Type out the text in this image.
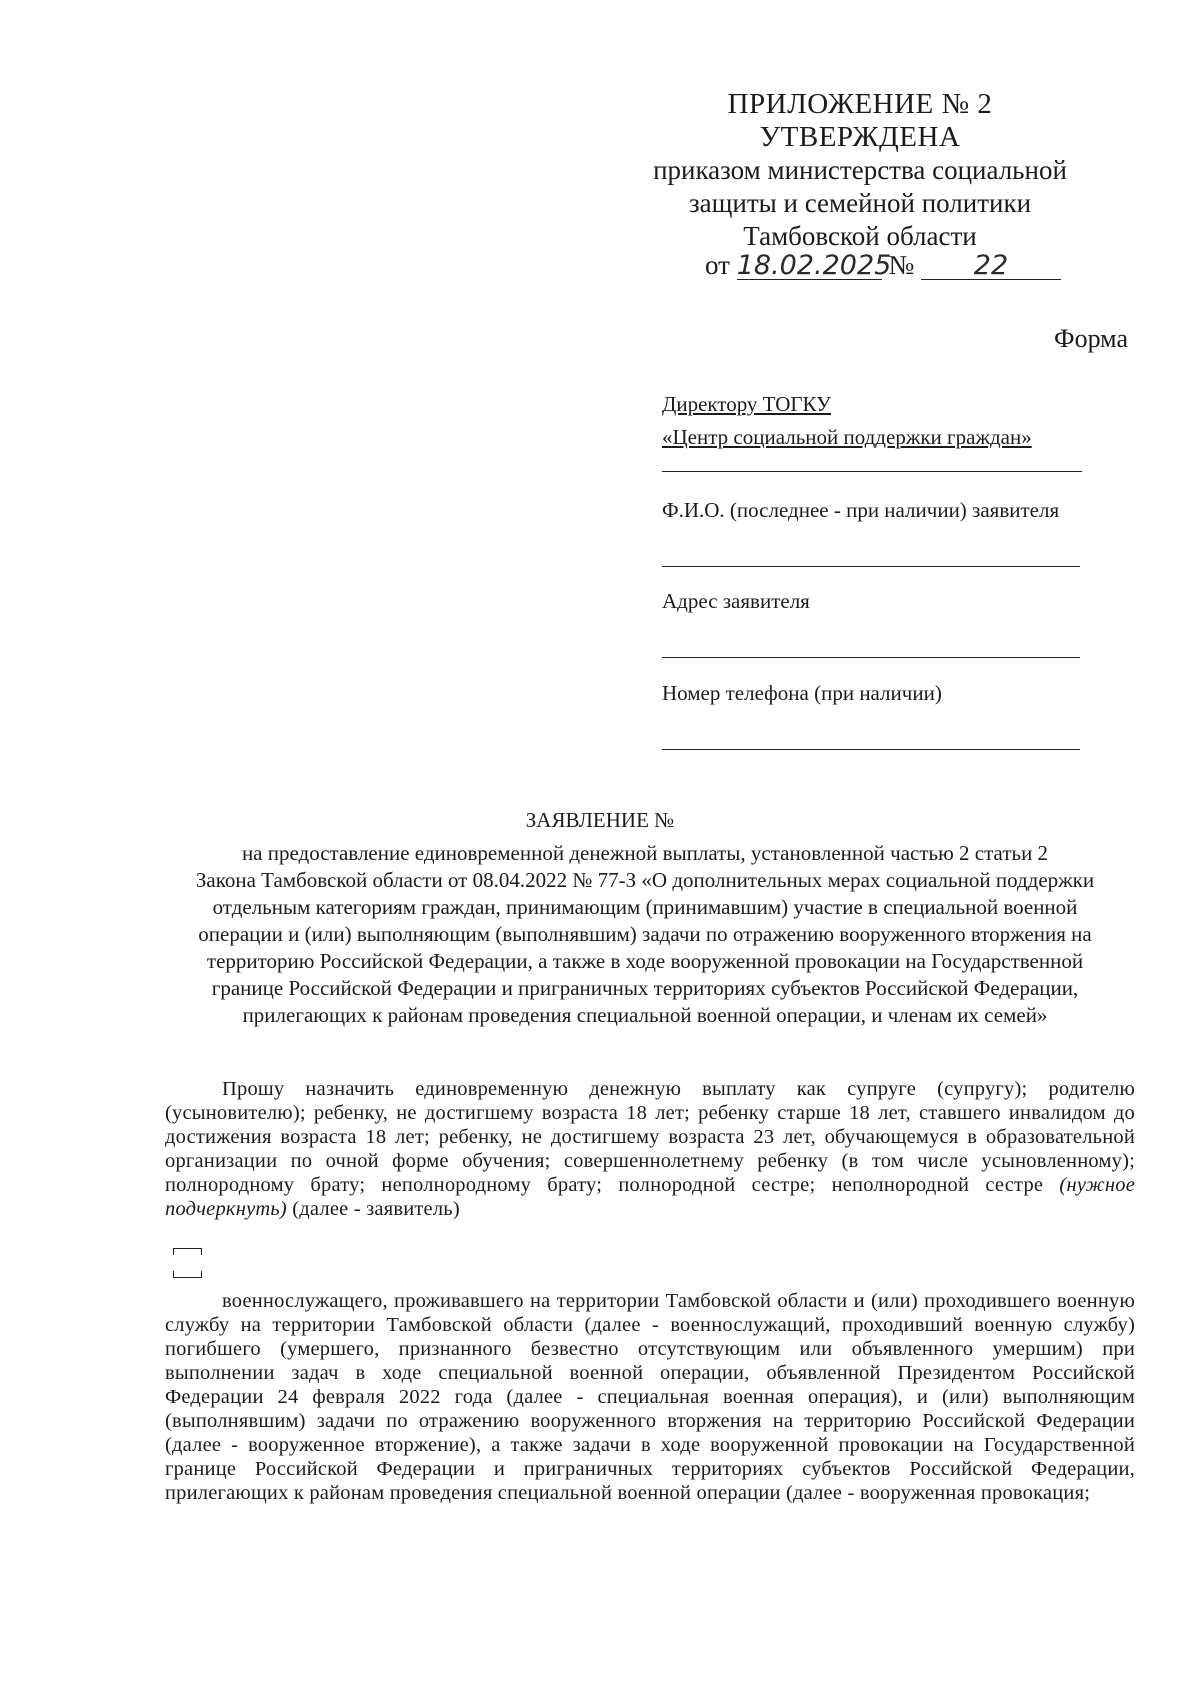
ПРИЛОЖЕНИЕ № 2
УТВЕРЖДЕНА
приказом министерства социальной
защиты и семейной политики
Тамбовской области
от 18.02.2025 № 22
Форма
Директору ТОГКУ
«Центр социальной поддержки граждан»
Ф.И.О. (последнее - при наличии) заявителя
Адрес заявителя
Номер телефона (при наличии)
ЗАЯВЛЕНИЕ №
на предоставление единовременной денежной выплаты, установленной частью 2 статьи 2
Закона Тамбовской области от 08.04.2022 № 77-З «О дополнительных мерах социальной поддержки
отдельным категориям граждан, принимающим (принимавшим) участие в специальной военной
операции и (или) выполняющим (выполнявшим) задачи по отражению вооруженного вторжения на
территорию Российской Федерации, а также в ходе вооруженной провокации на Государственной
границе Российской Федерации и приграничных территориях субъектов Российской Федерации,
прилегающих к районам проведения специальной военной операции, и членам их семей»

Прошу назначить единовременную денежную выплату как супруге (супругу); родителю (усыновителю); ребенку, не достигшему возраста 18 лет; ребенку старше 18 лет, ставшего инвалидом до достижения возраста 18 лет; ребенку, не достигшему возраста 23 лет, обучающемуся в образовательной организации по очной форме обучения; совершеннолетнему ребенку (в том числе усыновленному); полнородному брату; неполнородному брату; полнородной сестре; неполнородной сестре (нужное подчеркнуть) (далее - заявитель)

военнослужащего, проживавшего на территории Тамбовской области и (или) проходившего военную службу на территории Тамбовской области (далее - военнослужащий, проходивший военную службу) погибшего (умершего, признанного безвестно отсутствующим или объявленного умершим) при выполнении задач в ходе специальной военной операции, объявленной Президентом Российской Федерации 24 февраля 2022 года (далее - специальная военная операция), и (или) выполняющим (выполнявшим) задачи по отражению вооруженного вторжения на территорию Российской Федерации (далее - вооруженное вторжение), а также задачи в ходе вооруженной провокации на Государственной границе Российской Федерации и приграничных территориях субъектов Российской Федерации, прилегающих к районам проведения специальной военной операции (далее - вооруженная провокация;
